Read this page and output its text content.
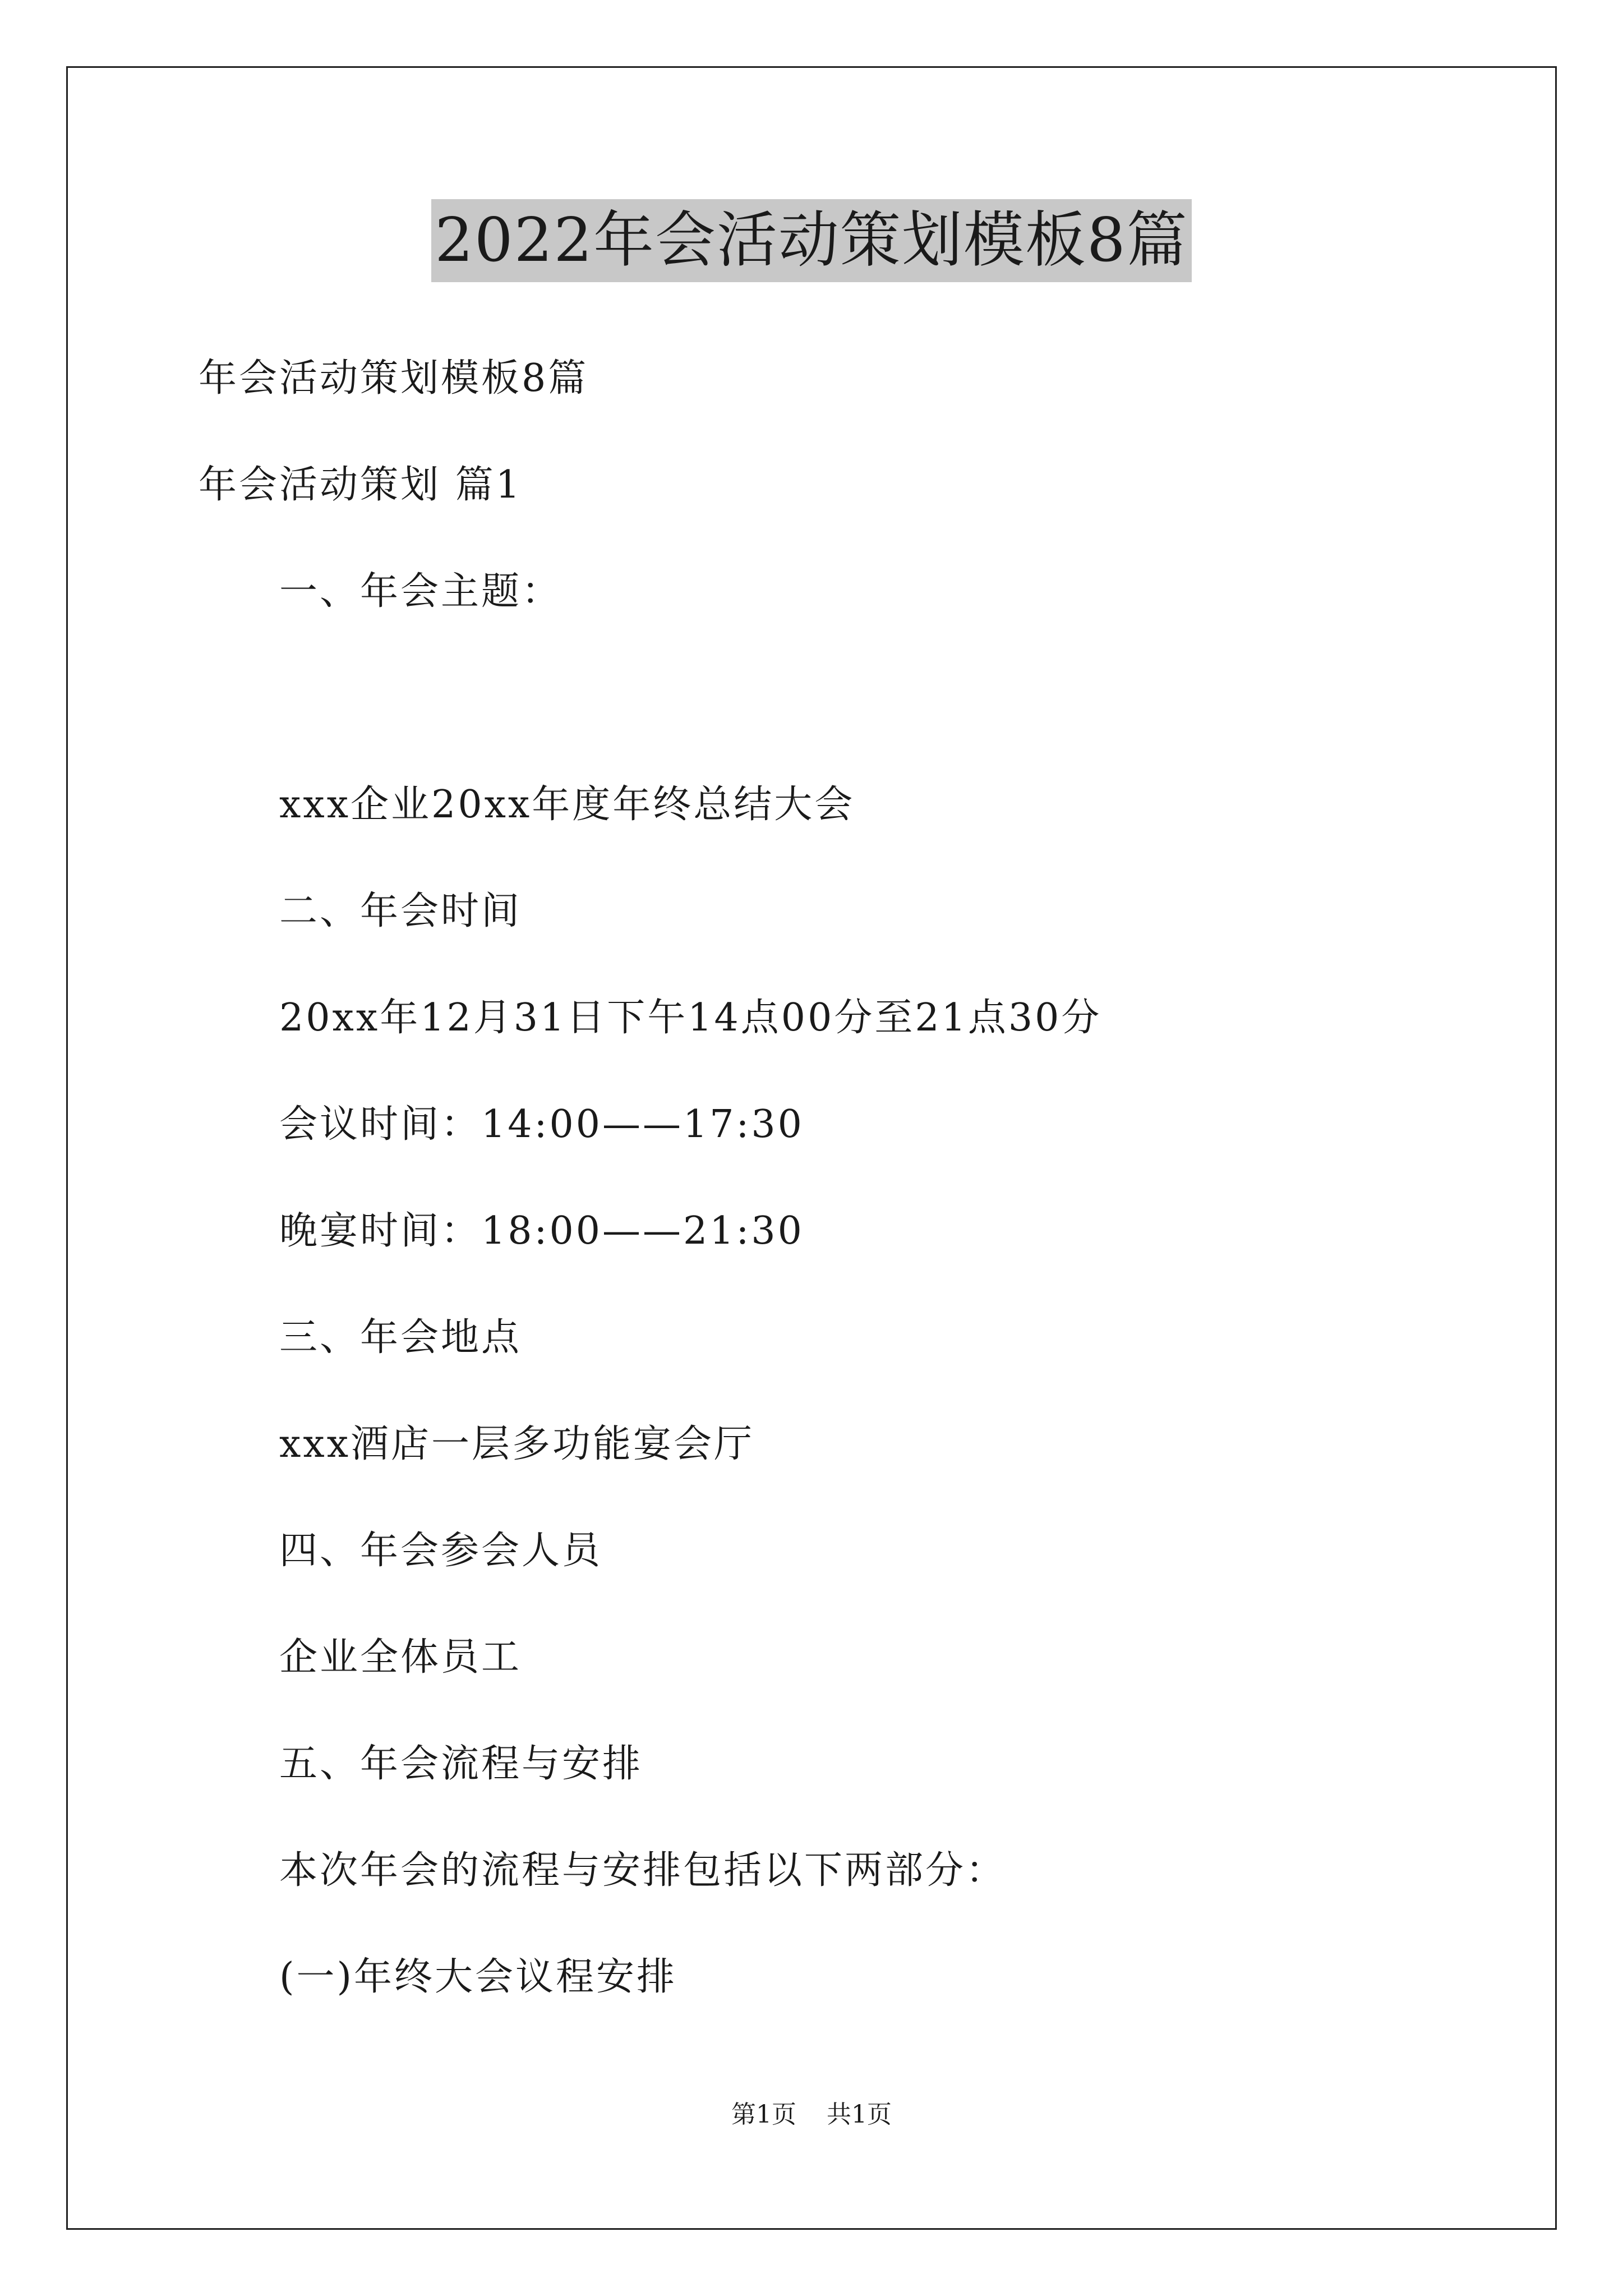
2022年会活动策划模板8篇

年会活动策划模板8篇

年会活动策划 篇1

一、年会主题：

xxx企业20xx年度年终总结大会

二、年会时间

20xx年12月31日下午14点00分至21点30分

会议时间：14:00——17:30

晚宴时间：18:00——21:30

三、年会地点

xxx酒店一层多功能宴会厅

四、年会参会人员

企业全体员工

五、年会流程与安排

本次年会的流程与安排包括以下两部分：

(一)年终大会议程安排

第1页 共1页
